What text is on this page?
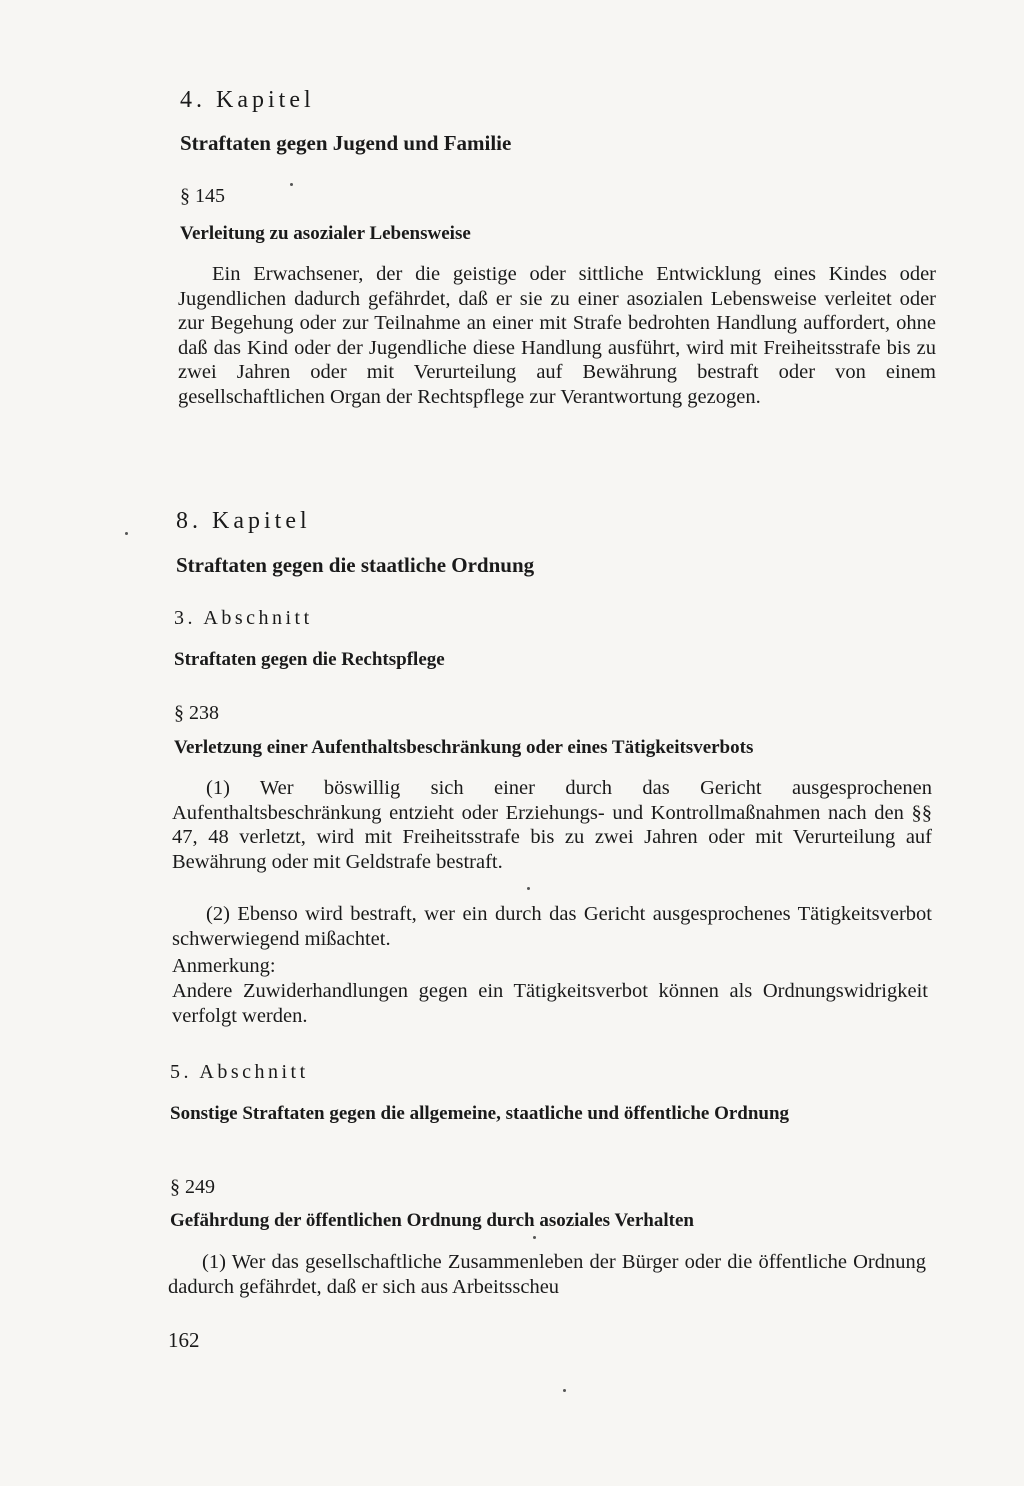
4. Kapitel
Straftaten gegen Jugend und Familie
§ 145
Verleitung zu asozialer Lebensweise

Ein Erwachsener, der die geistige oder sittliche Entwicklung eines Kindes oder Jugendlichen dadurch gefährdet, daß er sie zu einer asozialen Lebensweise verleitet oder zur Begehung oder zur Teilnahme an einer mit Strafe bedrohten Handlung auffordert, ohne daß das Kind oder der Jugendliche diese Handlung ausführt, wird mit Freiheitsstrafe bis zu zwei Jahren oder mit Verurteilung auf Bewährung bestraft oder von einem gesellschaftlichen Organ der Rechtspflege zur Verantwortung gezogen.

8. Kapitel
Straftaten gegen die staatliche Ordnung
3. Abschnitt
Straftaten gegen die Rechtspflege
§ 238
Verletzung einer Aufenthaltsbeschränkung oder eines Tätigkeitsverbots

(1) Wer böswillig sich einer durch das Gericht ausgesprochenen Aufenthaltsbeschränkung entzieht oder Erziehungs- und Kontrollmaßnahmen nach den §§ 47, 48 verletzt, wird mit Freiheitsstrafe bis zu zwei Jahren oder mit Verurteilung auf Bewährung oder mit Geldstrafe bestraft.

(2) Ebenso wird bestraft, wer ein durch das Gericht ausgesprochenes Tätigkeitsverbot schwerwiegend mißachtet.

Anmerkung:

Andere Zuwiderhandlungen gegen ein Tätigkeitsverbot können als Ordnungswidrigkeit verfolgt werden.

5. Abschnitt
Sonstige Straftaten gegen die allgemeine, staatliche und öffentliche Ordnung
§ 249
Gefährdung der öffentlichen Ordnung durch asoziales Verhalten

(1) Wer das gesellschaftliche Zusammenleben der Bürger oder die öffentliche Ordnung dadurch gefährdet, daß er sich aus Arbeitsscheu

162
